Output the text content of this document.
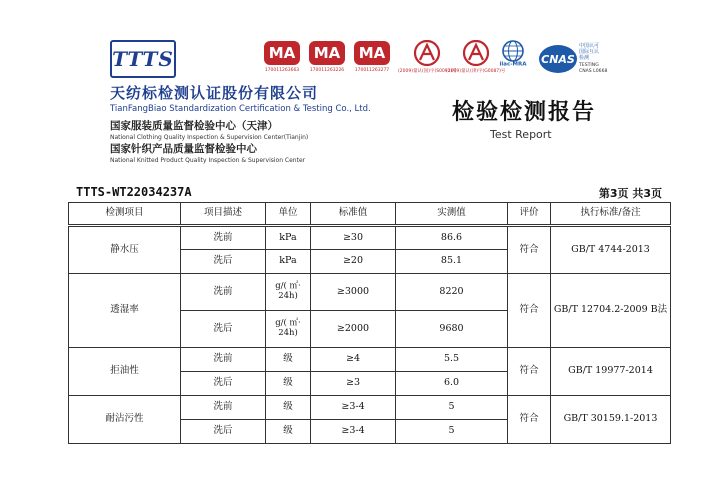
TTTS
天纺标检测认证股份有限公司
TianFangBiao Standardization Certification & Testing Co., Ltd.
国家服装质量监督检验中心（天津）
National Clothing Quality Inspection & Supervision Center(Tianjin)
国家针织产品质量监督检验中心
National Knitted Product Quality Inspection & Supervision Center
MA
170011263663
MA
170011263226
MA
170011263277 (2009)量认(国)字(S0091)号
(2009)量认(津)字(G0087)号
ilac-MRA CNAS
中国认可
国际互认
检测
TESTING
CNAS L0668
检验检测报告
Test Report
TTTS-WT22034237A	第3页 共3页
检测项目	项目描述	单位	标准值	实测值	评价	执行标准/备注
静水压	洗前	kPa	≥30	86.6	符合	GB/T 4744-2013
	洗后	kPa	≥20	85.1		
透湿率	洗前	g/( ㎡· 24h)	≥3000	8220	符合	GB/T 12704.2-2009 B法
	洗后	g/( ㎡· 24h)	≥2000	9680		
拒油性	洗前	级	≥4	5.5	符合	GB/T 19977-2014
	洗后	级	≥3	6.0		
耐沾污性	洗前	级	≥3-4	5	符合	GB/T 30159.1-2013
	洗后	级	≥3-4	5		
